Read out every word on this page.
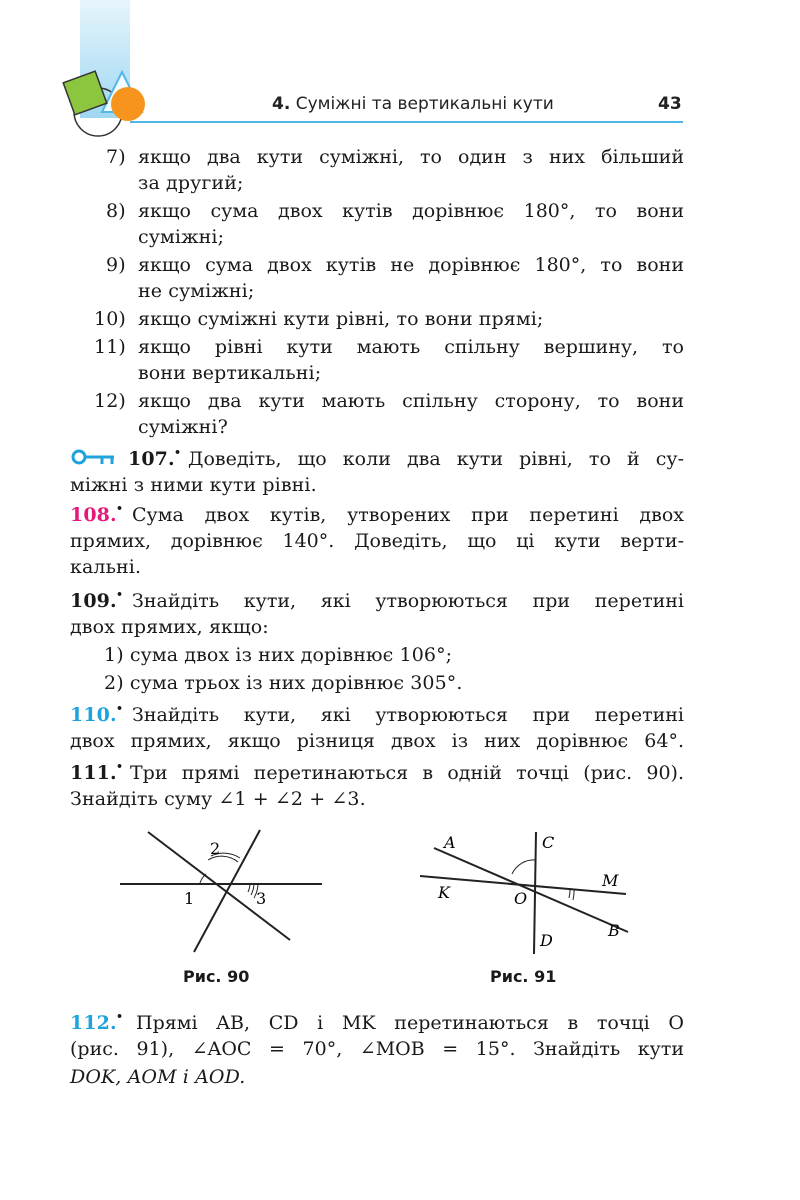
4. Суміжні та вертикальні кути	43
7) якщо два кути суміжні, то один з них більший
за другий;
8) якщо сума двох кутів дорівнює 180°, то вони
суміжні;
9) якщо сума двох кутів не дорівнює 180°, то вони
не суміжні;
10) якщо суміжні кути рівні, то вони прямі;
11) якщо рівні кути мають спільну вершину, то
вони вертикальні;
12) якщо два кути мають спільну сторону, то вони
суміжні?
107. • Доведіть, що коли два кути рівні, то й су-
міжні з ними кути рівні.
108. • Сума двох кутів, утворених при перетині двох
прямих, дорівнює 140°. Доведіть, що ці кути верти-
кальні.
109. • Знайдіть кути, які утворюються при перетині
двох прямих, якщо:
1) сума двох із них дорівнює 106°;
2) сума трьох із них дорівнює 305°.
110. • Знайдіть кути, які утворюються при перетині
двох прямих, якщо різниця двох із них дорівнює 64°.
111. • Три прямі перетинаються в одній точці (рис. 90).
Знайдіть суму ∠1 + ∠2 + ∠3.
2
1	3
Рис. 90
A	C
M
K	O
B
D
Рис. 91
112. • Прямі AB, CD і MK перетинаються в точці O
(рис. 91), ∠AOC = 70°, ∠MOB = 15°. Знайдіть кути
DOK, AOM і AOD.
